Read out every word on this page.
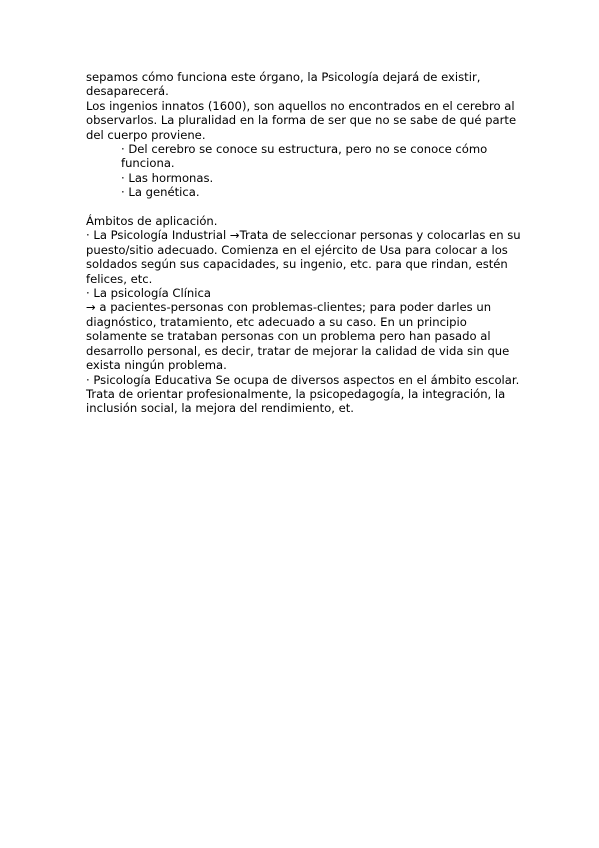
sepamos cómo funciona este órgano, la Psicología dejará de existir, desaparecerá.

Los ingenios innatos (1600), son aquellos no encontrados en el cerebro al observarlos. La pluralidad en la forma de ser que no se sabe de qué parte del cuerpo proviene.

· Del cerebro se conoce su estructura, pero no se conoce cómo funciona.

· Las hormonas.

· La genética.

Ámbitos de aplicación.

· La Psicología Industrial →Trata de seleccionar personas y colocarlas en su puesto/sitio adecuado. Comienza en el ejército de Usa para colocar a los soldados según sus capacidades, su ingenio, etc. para que rindan, estén felices, etc.

· La psicología Clínica

→ a pacientes-personas con problemas-clientes; para poder darles un diagnóstico, tratamiento, etc adecuado a su caso. En un principio solamente se trataban personas con un problema pero han pasado al desarrollo personal, es decir, tratar de mejorar la calidad de vida sin que exista ningún problema.

· Psicología Educativa Se ocupa de diversos aspectos en el ámbito escolar. Trata de orientar profesionalmente, la psicopedagogía, la integración, la inclusión social, la mejora del rendimiento, et.
